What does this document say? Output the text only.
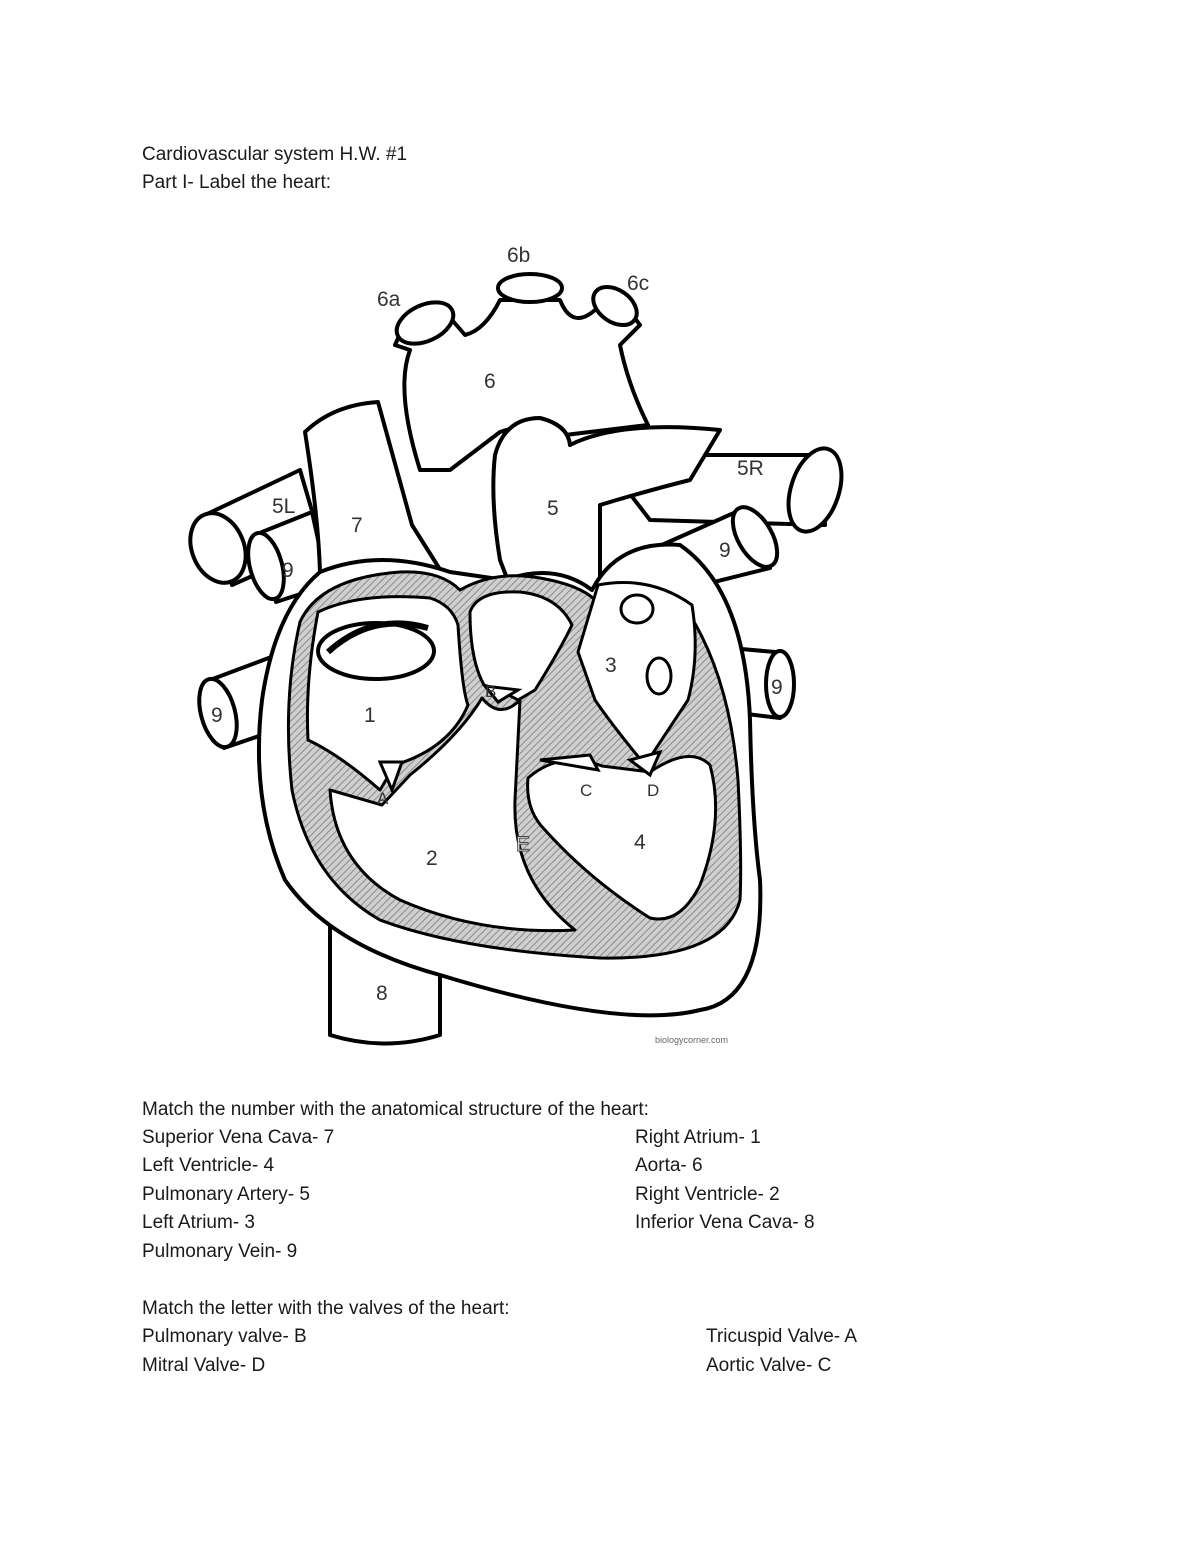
Cardiovascular system H.W. #1
Part I- Label the heart:
1
2
3
4
5
5L
5R
6
6a
6b
6c
7
8
9
9
9
9
A
B
C	D
E
biologycorner.com
Match the number with the anatomical structure of the heart:
Superior Vena Cava- 7
Left Ventricle- 4
Pulmonary Artery- 5
Left Atrium- 3
Pulmonary Vein- 9
Right Atrium- 1
Aorta- 6
Right Ventricle- 2
Inferior Vena Cava- 8
Match the letter with the valves of the heart:
Pulmonary valve- B
Mitral Valve- D
Tricuspid Valve- A
Aortic Valve- C
